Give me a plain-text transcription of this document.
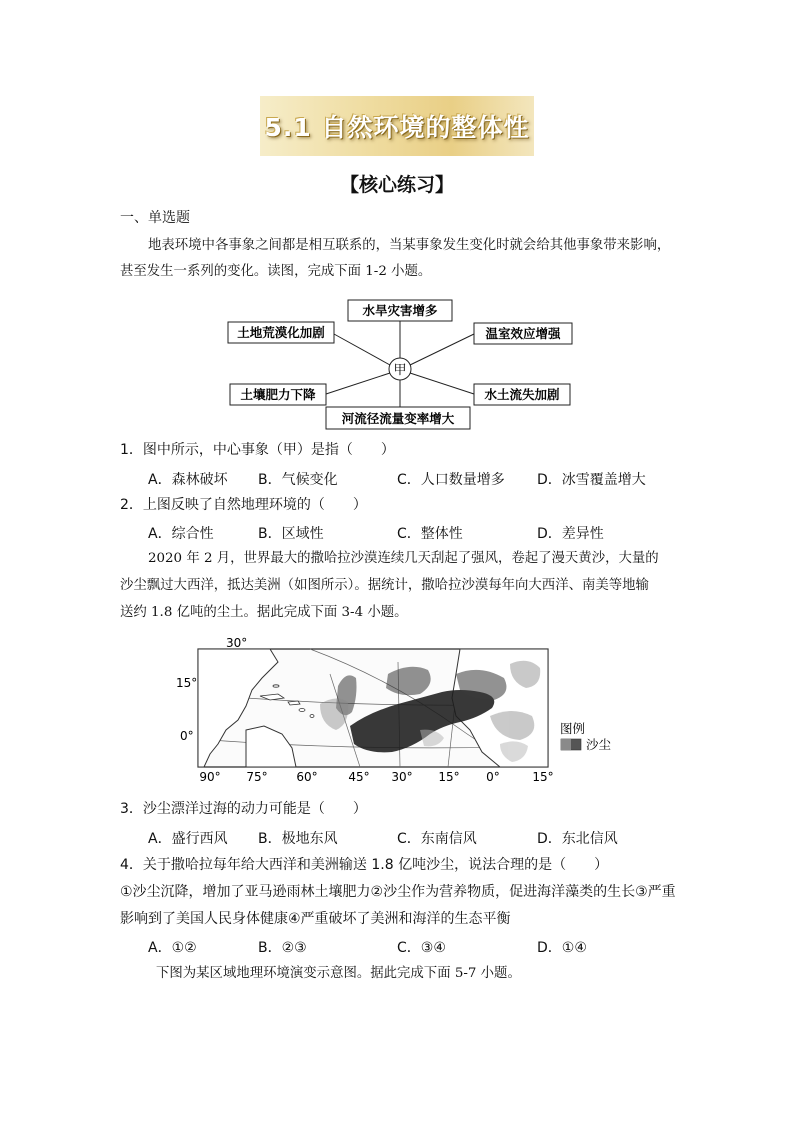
5.1 自然环境的整体性
【核心练习】
一、单选题
地表环境中各事象之间都是相互联系的，当某事象发生变化时就会给其他事象带来影响，
甚至发生一系列的变化。读图，完成下面 1-2 小题。
甲
水旱灾害增多
温室效应增强
水土流失加剧
河流径流量变率增大
土壤肥力下降
土地荒漠化加剧
1．图中所示，中心事象（甲）是指（　　）
A．森林破坏 B．气候变化	C．人口数量增多 D．冰雪覆盖增大
2．上图反映了自然地理环境的（　　）
A．综合性	B．区域性	C．整体性	D．差异性
2020 年 2 月，世界最大的撒哈拉沙漠连续几天刮起了强风，卷起了漫天黄沙，大量的
沙尘飘过大西洋，抵达美洲（如图所示）。据统计，撒哈拉沙漠每年向大西洋、南美等地输
送约 1.8 亿吨的尘土。据此完成下面 3-4 小题。
30°
15°
0°
90° 75° 60°	45° 30° 15° 0°	15°
图例
沙尘
3．沙尘漂洋过海的动力可能是（　　）
A．盛行西风 B．极地东风	C．东南信风	D．东北信风
4．关于撒哈拉每年给大西洋和美洲输送 1.8 亿吨沙尘，说法合理的是（　　）
①沙尘沉降，增加了亚马逊雨林土壤肥力②沙尘作为营养物质，促进海洋藻类的生长③严重
影响到了美国人民身体健康④严重破坏了美洲和海洋的生态平衡
A．①②	B．②③	C．③④	D．①④
下图为某区域地理环境演变示意图。据此完成下面 5-7 小题。
